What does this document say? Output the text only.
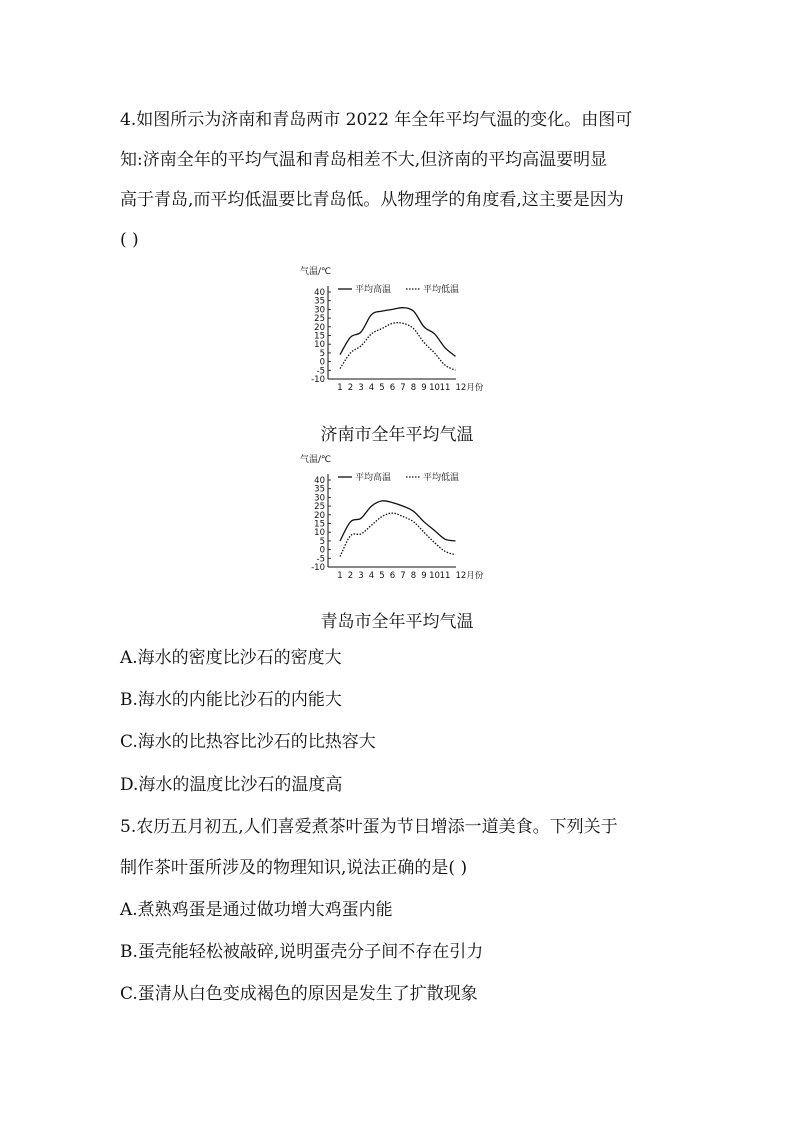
4.如图所示为济南和青岛两市 2022 年全年平均气温的变化。由图可
知:济南全年的平均气温和青岛相差不大,但济南的平均高温要明显
高于青岛,而平均低温要比青岛低。从物理学的角度看,这主要是因为
( )
气温/℃
40
35
30
25
20
15
10
5
0
-5
-10
1 2 3 4 5 6 7 8 9 10 11 12月份
平均高温	平均低温
济南市全年平均气温
气温/℃
40
35
30
25
20
15
10
5
0
-5
-10
1 2 3 4 5 6 7 8 9 10 11 12月份
平均高温	平均低温
青岛市全年平均气温
A.海水的密度比沙石的密度大
B.海水的内能比沙石的内能大
C.海水的比热容比沙石的比热容大
D.海水的温度比沙石的温度高
5.农历五月初五,人们喜爱煮茶叶蛋为节日增添一道美食。下列关于
制作茶叶蛋所涉及的物理知识,说法正确的是( )
A.煮熟鸡蛋是通过做功增大鸡蛋内能
B.蛋壳能轻松被敲碎,说明蛋壳分子间不存在引力
C.蛋清从白色变成褐色的原因是发生了扩散现象
